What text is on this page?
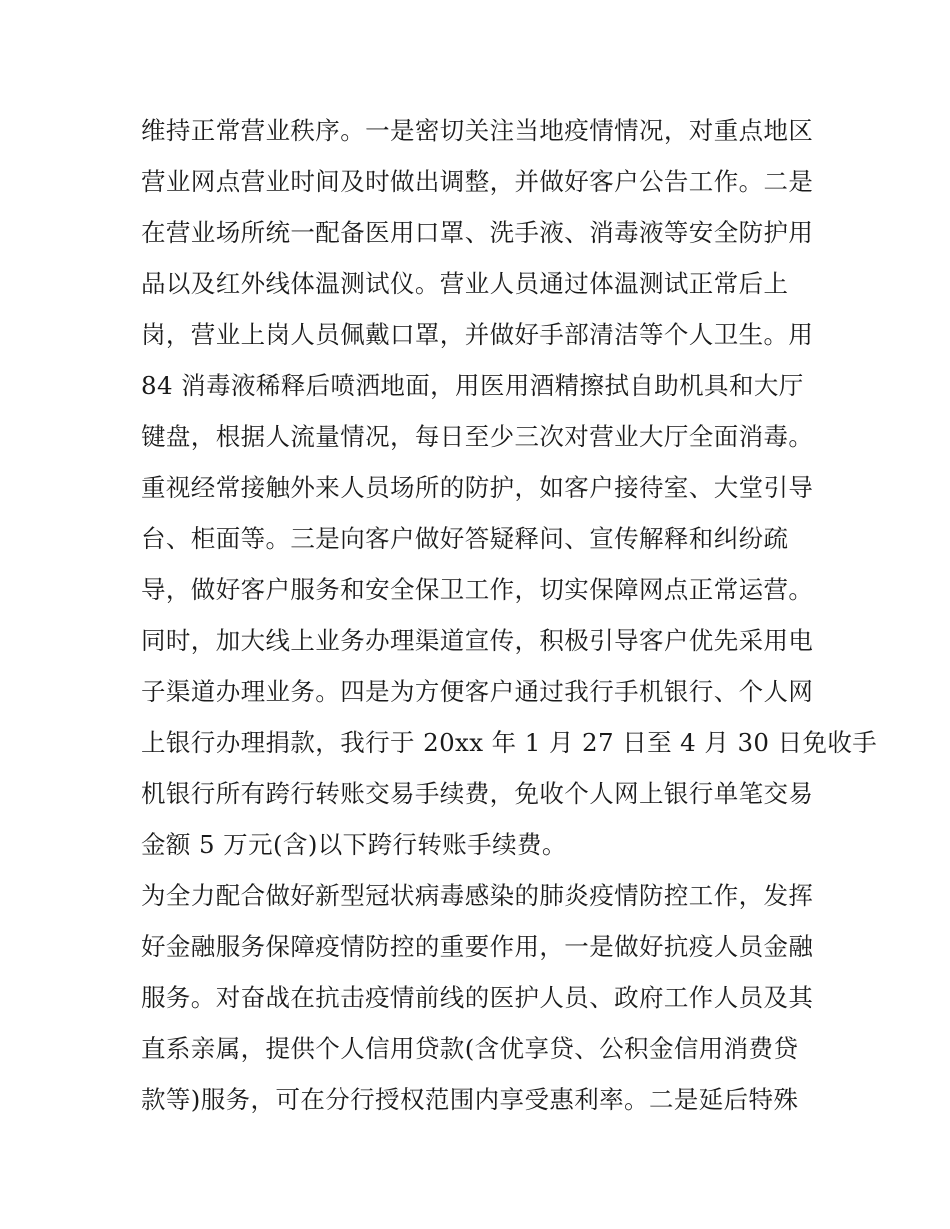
维持正常营业秩序。一是密切关注当地疫情情况，对重点地区
营业网点营业时间及时做出调整，并做好客户公告工作。二是
在营业场所统一配备医用口罩、洗手液、消毒液等安全防护用
品以及红外线体温测试仪。营业人员通过体温测试正常后上
岗，营业上岗人员佩戴口罩，并做好手部清洁等个人卫生。用
84 消毒液稀释后喷洒地面，用医用酒精擦拭自助机具和大厅
键盘，根据人流量情况，每日至少三次对营业大厅全面消毒。
重视经常接触外来人员场所的防护，如客户接待室、大堂引导
台、柜面等。三是向客户做好答疑释问、宣传解释和纠纷疏
导，做好客户服务和安全保卫工作，切实保障网点正常运营。
同时，加大线上业务办理渠道宣传，积极引导客户优先采用电
子渠道办理业务。四是为方便客户通过我行手机银行、个人网
上银行办理捐款，我行于 20xx 年 1 月 27 日至 4 月 30 日免收手
机银行所有跨行转账交易手续费，免收个人网上银行单笔交易
金额 5 万元(含)以下跨行转账手续费。
为全力配合做好新型冠状病毒感染的肺炎疫情防控工作，发挥
好金融服务保障疫情防控的重要作用，一是做好抗疫人员金融
服务。对奋战在抗击疫情前线的医护人员、政府工作人员及其
直系亲属，提供个人信用贷款(含优享贷、公积金信用消费贷
款等)服务，可在分行授权范围内享受惠利率。二是延后特殊
